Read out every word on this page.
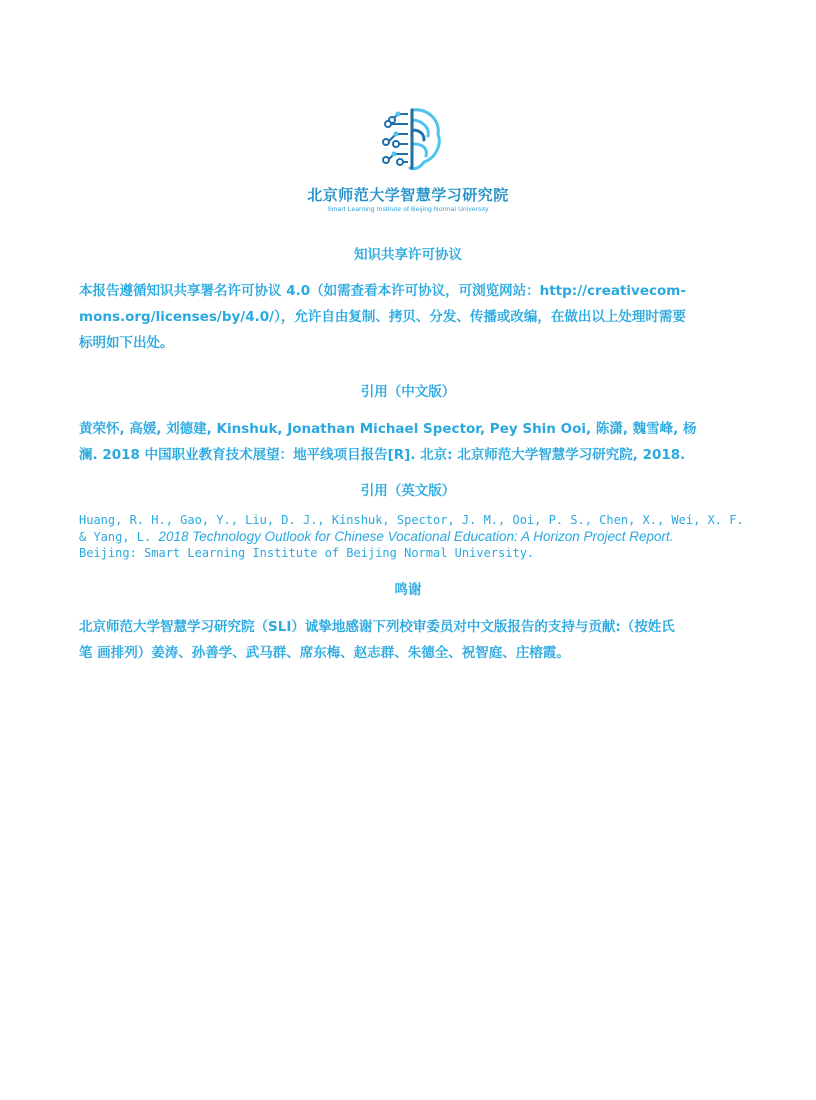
北京师范大学智慧学习研究院
Smart Learning Institute of Beijing Normal University
知识共享许可协议
本报告遵循知识共享署名许可协议 4.0（如需查看本许可协议，可浏览网站：http://creativecom-
mons.org/licenses/by/4.0/），允许自由复制、拷贝、分发、传播或改编，在做出以上处理时需要
标明如下出处。
引用（中文版）
黄荣怀, 高媛, 刘德建, Kinshuk, Jonathan Michael Spector, Pey Shin Ooi, 陈潇, 魏雪峰, 杨
澜. 2018 中国职业教育技术展望：地平线项目报告[R]. 北京: 北京师范大学智慧学习研究院, 2018.
引用（英文版）
Huang, R. H., Gao, Y., Liu, D. J., Kinshuk, Spector, J. M., Ooi, P. S., Chen, X., Wei, X. F.
& Yang, L. 2018 Technology Outlook for Chinese Vocational Education: A Horizon Project Report.
Beijing: Smart Learning Institute of Beijing Normal University.
鸣谢
北京师范大学智慧学习研究院（SLI）诚挚地感谢下列校审委员对中文版报告的支持与贡献:（按姓氏
笔 画排列）姜涛、孙善学、武马群、席东梅、赵志群、朱德全、祝智庭、庄榕霞。
